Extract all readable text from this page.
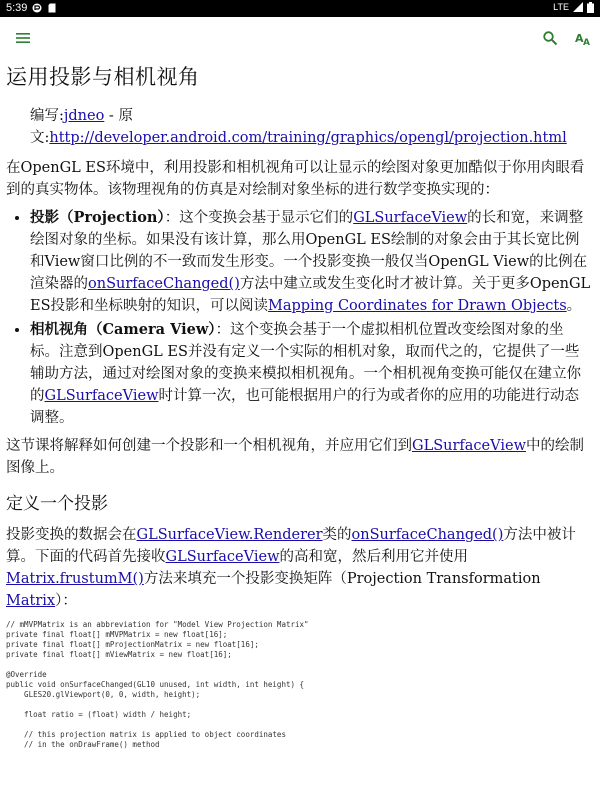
5:39	LTE
A A
运用投影与相机视角
编写:jdneo - 原文:http://developer.android.com/training/graphics/opengl/projection.html

在OpenGL ES环境中，利用投影和相机视角可以让显示的绘图对象更加酷似于你用肉眼看到的真实物体。该物理视角的仿真是对绘制对象坐标的进行数学变换实现的：

• 投影（Projection）：这个变换会基于显示它们的GLSurfaceView的长和宽，来调整绘图对象的坐标。如果没有该计算，那么用OpenGL ES绘制的对象会由于其长宽比例和View窗口比例的不一致而发生形变。一个投影变换一般仅当OpenGL View的比例在渲染器的onSurfaceChanged()方法中建立或发生变化时才被计算。关于更多OpenGL ES投影和坐标映射的知识，可以阅读Mapping Coordinates for Drawn Objects。
• 相机视角（Camera View）：这个变换会基于一个虚拟相机位置改变绘图对象的坐标。注意到OpenGL ES并没有定义一个实际的相机对象，取而代之的，它提供了一些辅助方法，通过对绘图对象的变换来模拟相机视角。一个相机视角变换可能仅在建立你的GLSurfaceView时计算一次，也可能根据用户的行为或者你的应用的功能进行动态调整。

这节课将解释如何创建一个投影和一个相机视角，并应用它们到GLSurfaceView中的绘制图像上。

定义一个投影

投影变换的数据会在GLSurfaceView.Renderer类的onSurfaceChanged()方法中被计算。下面的代码首先接收GLSurfaceView的高和宽，然后利用它并使用Matrix.frustumM()方法来填充一个投影变换矩阵（Projection Transformation Matrix）：

// mMVPMatrix is an abbreviation for "Model View Projection Matrix"
private final float[] mMVPMatrix = new float[16];
private final float[] mProjectionMatrix = new float[16];
private final float[] mViewMatrix = new float[16];

@Override
public void onSurfaceChanged(GL10 unused, int width, int height) {
GLES20.glViewport(0, 0, width, height);

float ratio = (float) width / height;

// this projection matrix is applied to object coordinates
// in the onDrawFrame() method
